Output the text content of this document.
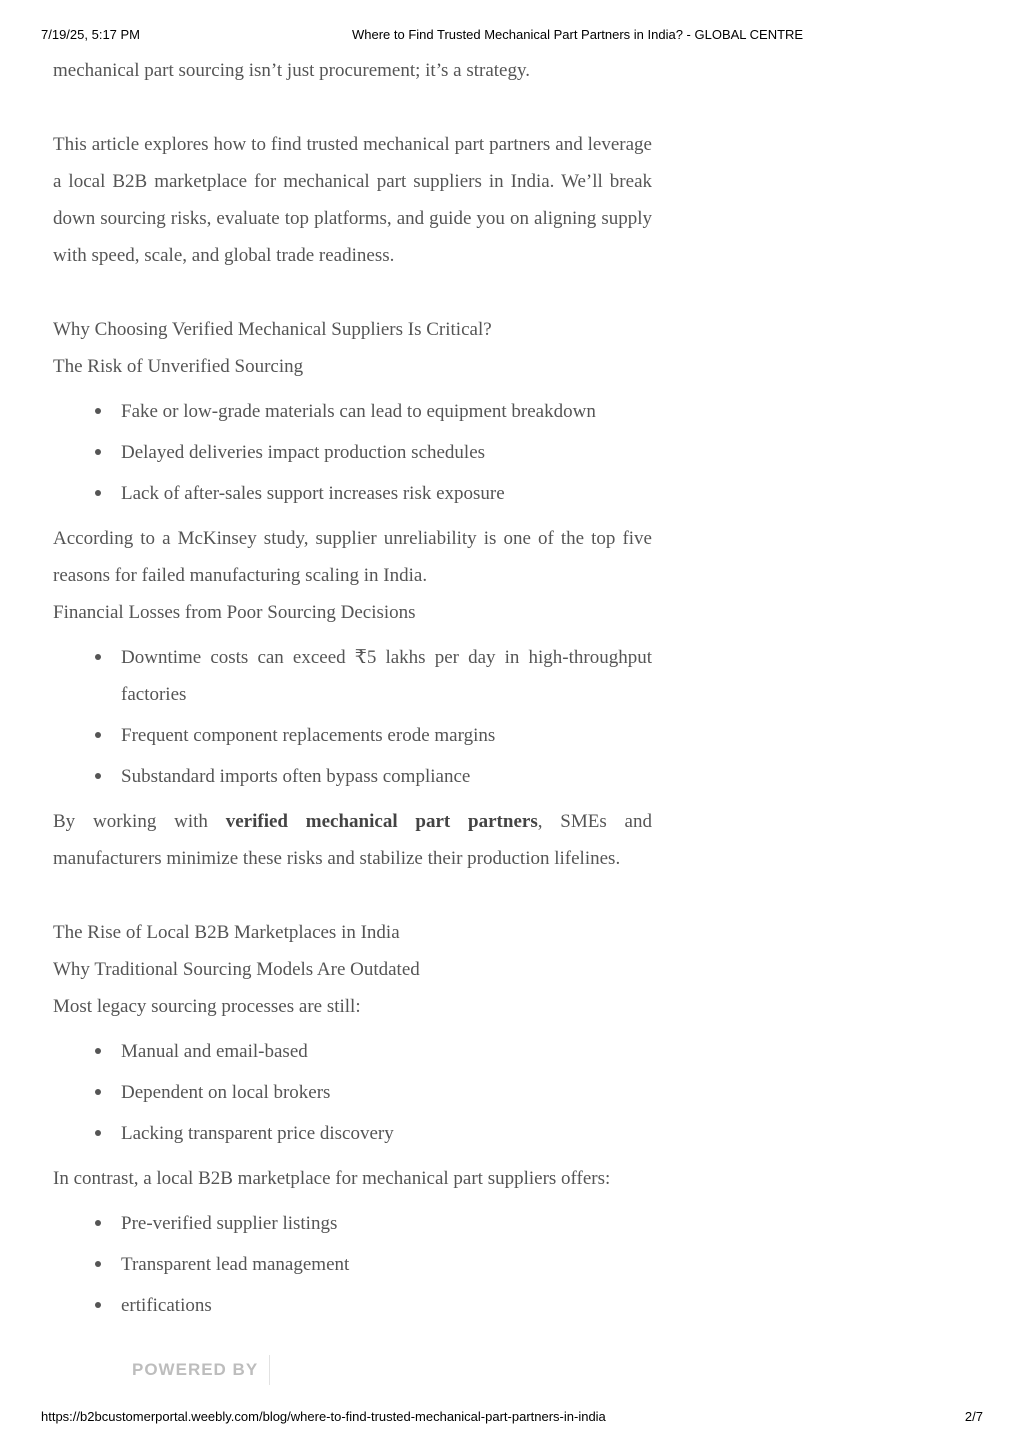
7/19/25, 5:17 PM	Where to Find Trusted Mechanical Part Partners in India? - GLOBAL CENTRE

mechanical part sourcing isn’t just procurement; it’s a strategy.

This article explores how to find trusted mechanical part partners and leverage a local B2B marketplace for mechanical part suppliers in India. We’ll break down sourcing risks, evaluate top platforms, and guide you on aligning supply with speed, scale, and global trade readiness.

Why Choosing Verified Mechanical Suppliers Is Critical?

The Risk of Unverified Sourcing

Fake or low-grade materials can lead to equipment breakdown
Delayed deliveries impact production schedules
Lack of after-sales support increases risk exposure

According to a McKinsey study, supplier unreliability is one of the top five reasons for failed manufacturing scaling in India.

Financial Losses from Poor Sourcing Decisions

Downtime costs can exceed ₹5 lakhs per day in high-throughput factories
Frequent component replacements erode margins
Substandard imports often bypass compliance

By working with verified mechanical part partners, SMEs and manufacturers minimize these risks and stabilize their production lifelines.

The Rise of Local B2B Marketplaces in India

Why Traditional Sourcing Models Are Outdated

Most legacy sourcing processes are still:

Manual and email-based
Dependent on local brokers
Lacking transparent price discovery

In contrast, a local B2B marketplace for mechanical part suppliers offers:

Pre-verified supplier listings
Transparent lead management
ertifications
POWERED BY
https://b2bcustomerportal.weebly.com/blog/where-to-find-trusted-mechanical-part-partners-in-india	2/7
